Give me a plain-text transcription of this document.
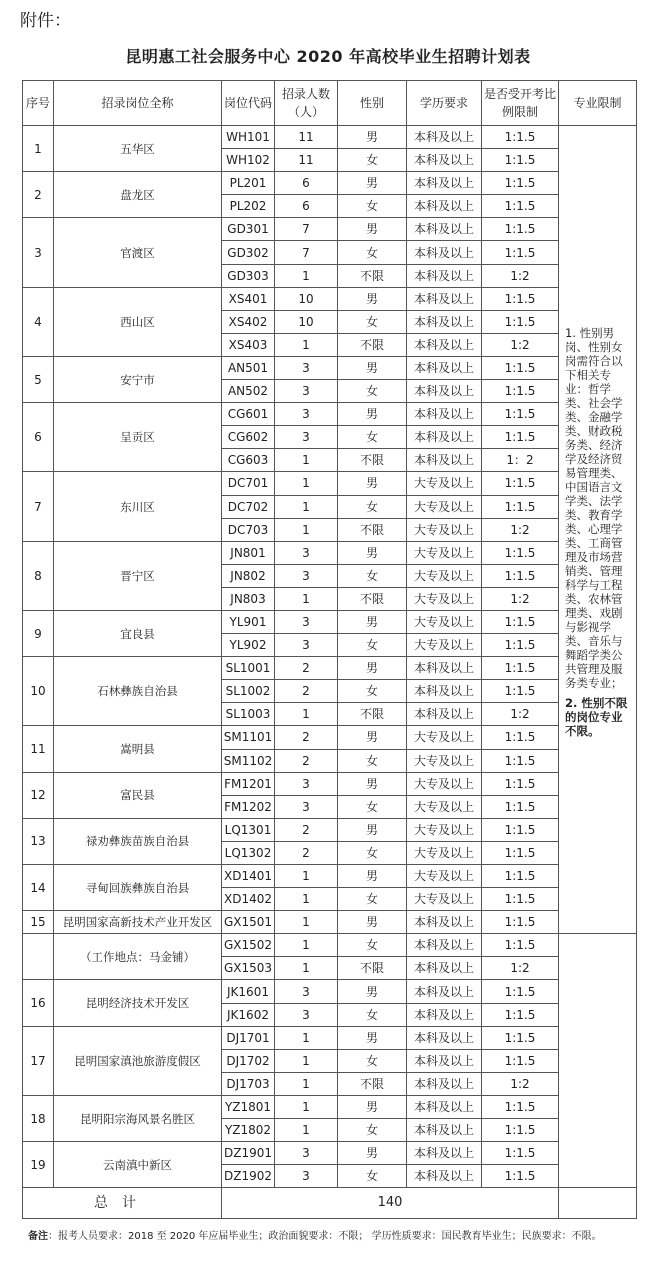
附件：
昆明惠工社会服务中心 2020 年高校毕业生招聘计划表
序号	招录岗位全称	岗位代码	招录人数（人）	性别	学历要求	是否受开考比例限制	专业限制
1	五华区	WH101	11	男	本科及以上	1:1.5	1. 性别男岗、性别女岗需符合以下相关专业：哲学类、社会学类、金融学类、财政税务类、经济学及经济贸易管理类、中国语言文学类、法学类、教育学类、心理学类、工商管理及市场营销类、管理科学与工程类、农林管理类、戏剧与影视学类、音乐与舞蹈学类公共管理及服务类专业；
2. 性别不限的岗位专业不限。

		WH102	11	女	本科及以上	1:1.5	
2	盘龙区	PL201	6	男	本科及以上	1:1.5	
		PL202	6	女	本科及以上	1:1.5	
3	官渡区	GD301	7	男	本科及以上	1:1.5	
		GD302	7	女	本科及以上	1:1.5	
		GD303	1	不限	本科及以上	1:2	
4	西山区	XS401	10	男	本科及以上	1:1.5	
		XS402	10	女	本科及以上	1:1.5	
		XS403	1	不限	本科及以上	1:2	
5	安宁市	AN501	3	男	本科及以上	1:1.5	
		AN502	3	女	本科及以上	1:1.5	
6	呈贡区	CG601	3	男	本科及以上	1:1.5	
		CG602	3	女	本科及以上	1:1.5	
		CG603	1	不限	本科及以上	1：2	
7	东川区	DC701	1	男	大专及以上	1:1.5	
		DC702	1	女	大专及以上	1:1.5	
		DC703	1	不限	大专及以上	1:2	
8	晋宁区	JN801	3	男	大专及以上	1:1.5	
		JN802	3	女	大专及以上	1:1.5	
		JN803	1	不限	大专及以上	1:2	
9	宜良县	YL901	3	男	大专及以上	1:1.5	
		YL902	3	女	大专及以上	1:1.5	
10	石林彝族自治县	SL1001	2	男	本科及以上	1:1.5	
		SL1002	2	女	本科及以上	1:1.5	
		SL1003	1	不限	本科及以上	1:2	
11	嵩明县	SM1101	2	男	大专及以上	1:1.5	
		SM1102	2	女	大专及以上	1:1.5	
12	富民县	FM1201	3	男	大专及以上	1:1.5	
		FM1202	3	女	大专及以上	1:1.5	
13	禄劝彝族苗族自治县	LQ1301	2	男	大专及以上	1:1.5	
		LQ1302	2	女	大专及以上	1:1.5	
14	寻甸回族彝族自治县	XD1401	1	男	大专及以上	1:1.5	
		XD1402	1	女	大专及以上	1:1.5	
15	昆明国家高新技术产业开发区	GX1501	1	男	本科及以上	1:1.5	
	（工作地点：马金铺）	GX1502	1	女	本科及以上	1:1.5	
		GX1503	1	不限	本科及以上	1:2	
16	昆明经济技术开发区	JK1601	3	男	本科及以上	1:1.5	
		JK1602	3	女	本科及以上	1:1.5	
17	昆明国家滇池旅游度假区	DJ1701	1	男	本科及以上	1:1.5	
		DJ1702	1	女	本科及以上	1:1.5	
		DJ1703	1	不限	本科及以上	1:2	
18	昆明阳宗海风景名胜区	YZ1801	1	男	本科及以上	1:1.5	
		YZ1802	1	女	本科及以上	1:1.5	
19	云南滇中新区	DZ1901	3	男	本科及以上	1:1.5	
		DZ1902	3	女	本科及以上	1:1.5	
总计		140					
备注：报考人员要求：2018 至 2020 年应届毕业生；政治面貌要求：不限； 学历性质要求：国民教育毕业生；民族要求：不限。
